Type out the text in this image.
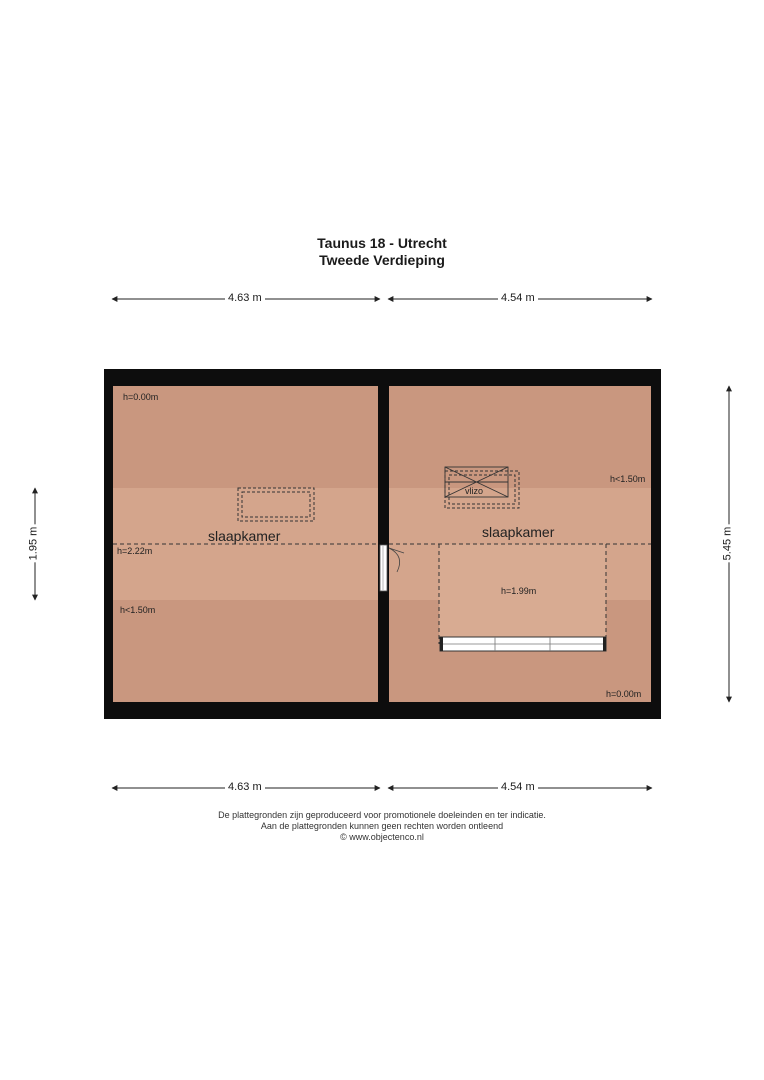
Taunus 18 - Utrecht
Tweede Verdieping
4.63 m	4.54 m
4.63 m	4.54 m
1.95 m	5.45 m
h=0.00m
h=2.22m
h<1.50m
slaapkamer
h<1.50m
vlizo
slaapkamer
h=1.99m
h=0.00m
De plattegronden zijn geproduceerd voor promotionele doeleinden en ter indicatie.
Aan de plattegronden kunnen geen rechten worden ontleend
© www.objectenco.nl
